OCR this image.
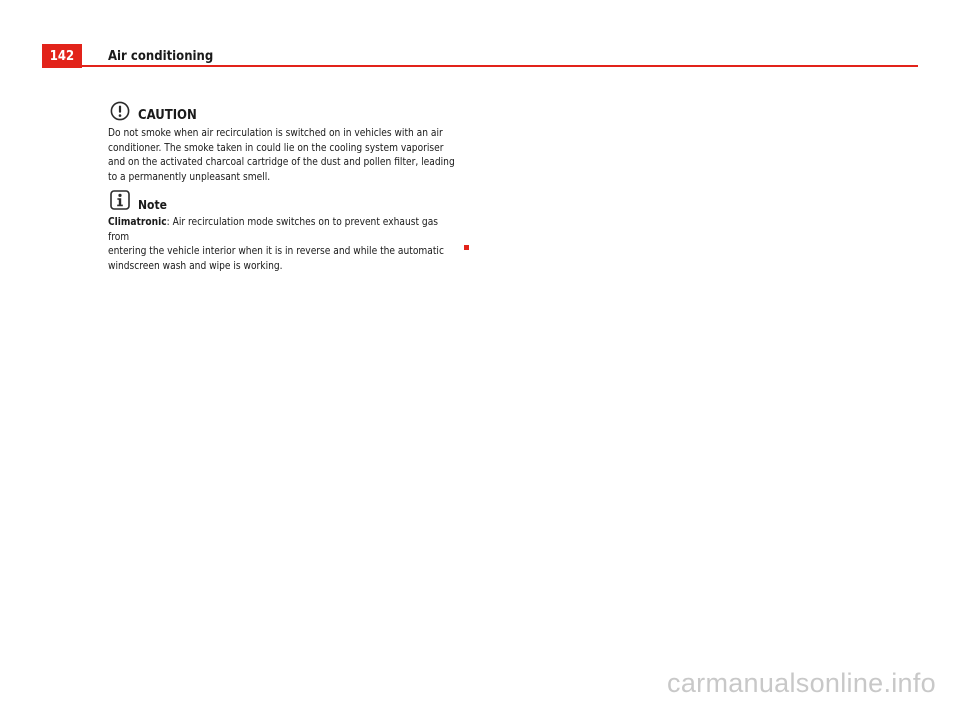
142	Air conditioning
CAUTION
Do not smoke when air recirculation is switched on in vehicles with an air
conditioner. The smoke taken in could lie on the cooling system vaporiser
and on the activated charcoal cartridge of the dust and pollen filter, leading
to a permanently unpleasant smell.
Note
Climatronic: Air recirculation mode switches on to prevent exhaust gas from
entering the vehicle interior when it is in reverse and while the automatic
windscreen wash and wipe is working.
carmanualsonline.info
